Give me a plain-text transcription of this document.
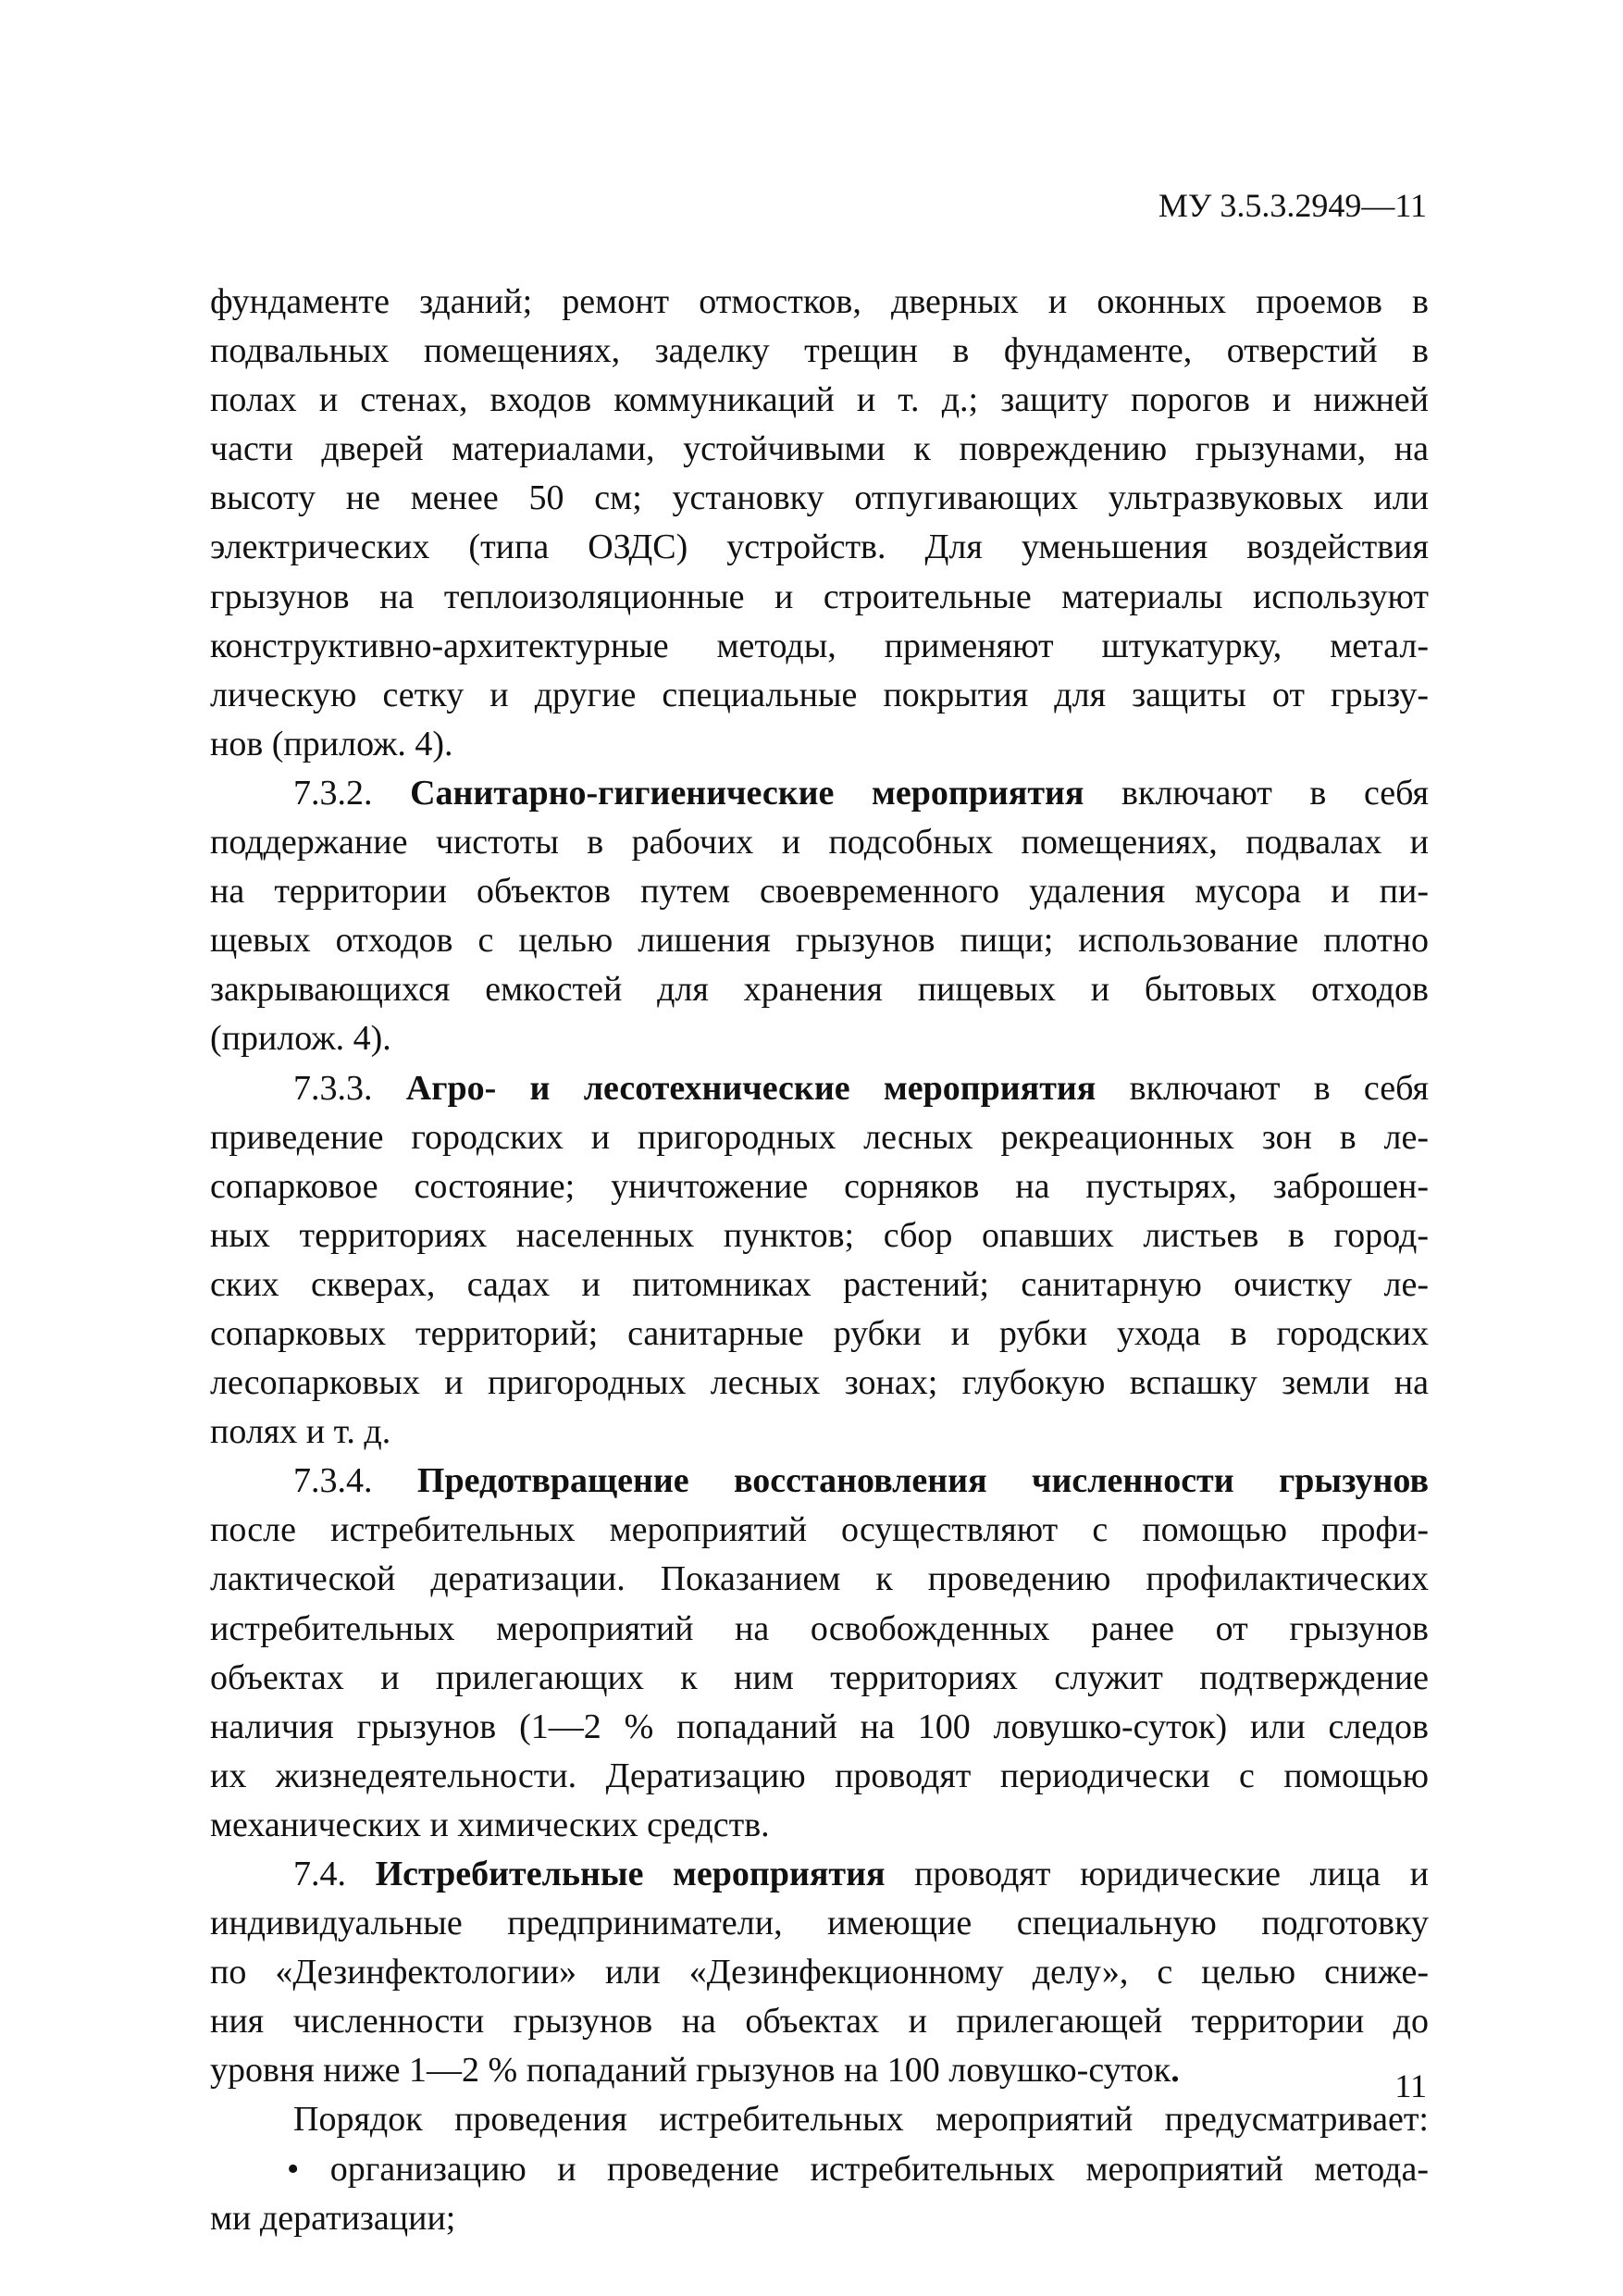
МУ 3.5.3.2949—11
фундаменте зданий; ремонт отмостков, дверных и оконных проемов в
подвальных помещениях, заделку трещин в фундаменте, отверстий в
полах и стенах, входов коммуникаций и т. д.; защиту порогов и нижней
части дверей материалами, устойчивыми к повреждению грызунами, на
высоту не менее 50 см; установку отпугивающих ультразвуковых или
электрических (типа ОЗДС) устройств. Для уменьшения воздействия
грызунов на теплоизоляционные и строительные материалы используют
конструктивно-архитектурные методы, применяют штукатурку, метал-
лическую сетку и другие специальные покрытия для защиты от грызу-
нов (прилож. 4).
7.3.2. Санитарно-гигиенические мероприятия включают в себя
поддержание чистоты в рабочих и подсобных помещениях, подвалах и
на территории объектов путем своевременного удаления мусора и пи-
щевых отходов с целью лишения грызунов пищи; использование плотно
закрывающихся емкостей для хранения пищевых и бытовых отходов
(прилож. 4).
7.3.3. Агро- и лесотехнические мероприятия включают в себя
приведение городских и пригородных лесных рекреационных зон в ле-
сопарковое состояние; уничтожение сорняков на пустырях, заброшен-
ных территориях населенных пунктов; сбор опавших листьев в город-
ских скверах, садах и питомниках растений; санитарную очистку ле-
сопарковых территорий; санитарные рубки и рубки ухода в городских
лесопарковых и пригородных лесных зонах; глубокую вспашку земли на
полях и т. д.
7.3.4. Предотвращение восстановления численности грызунов
после истребительных мероприятий осуществляют с помощью профи-
лактической дератизации. Показанием к проведению профилактических
истребительных мероприятий на освобожденных ранее от грызунов
объектах и прилегающих к ним территориях служит подтверждение
наличия грызунов (1—2 % попаданий на 100 ловушко-суток) или следов
их жизнедеятельности. Дератизацию проводят периодически с помощью
механических и химических средств.
7.4. Истребительные мероприятия проводят юридические лица и
индивидуальные предприниматели, имеющие специальную подготовку
по «Дезинфектологии» или «Дезинфекционному делу», с целью сниже-
ния численности грызунов на объектах и прилегающей территории до
уровня ниже 1—2 % попаданий грызунов на 100 ловушко-суток.
Порядок проведения истребительных мероприятий предусматривает:
• организацию и проведение истребительных мероприятий метода-
ми дератизации;
11
